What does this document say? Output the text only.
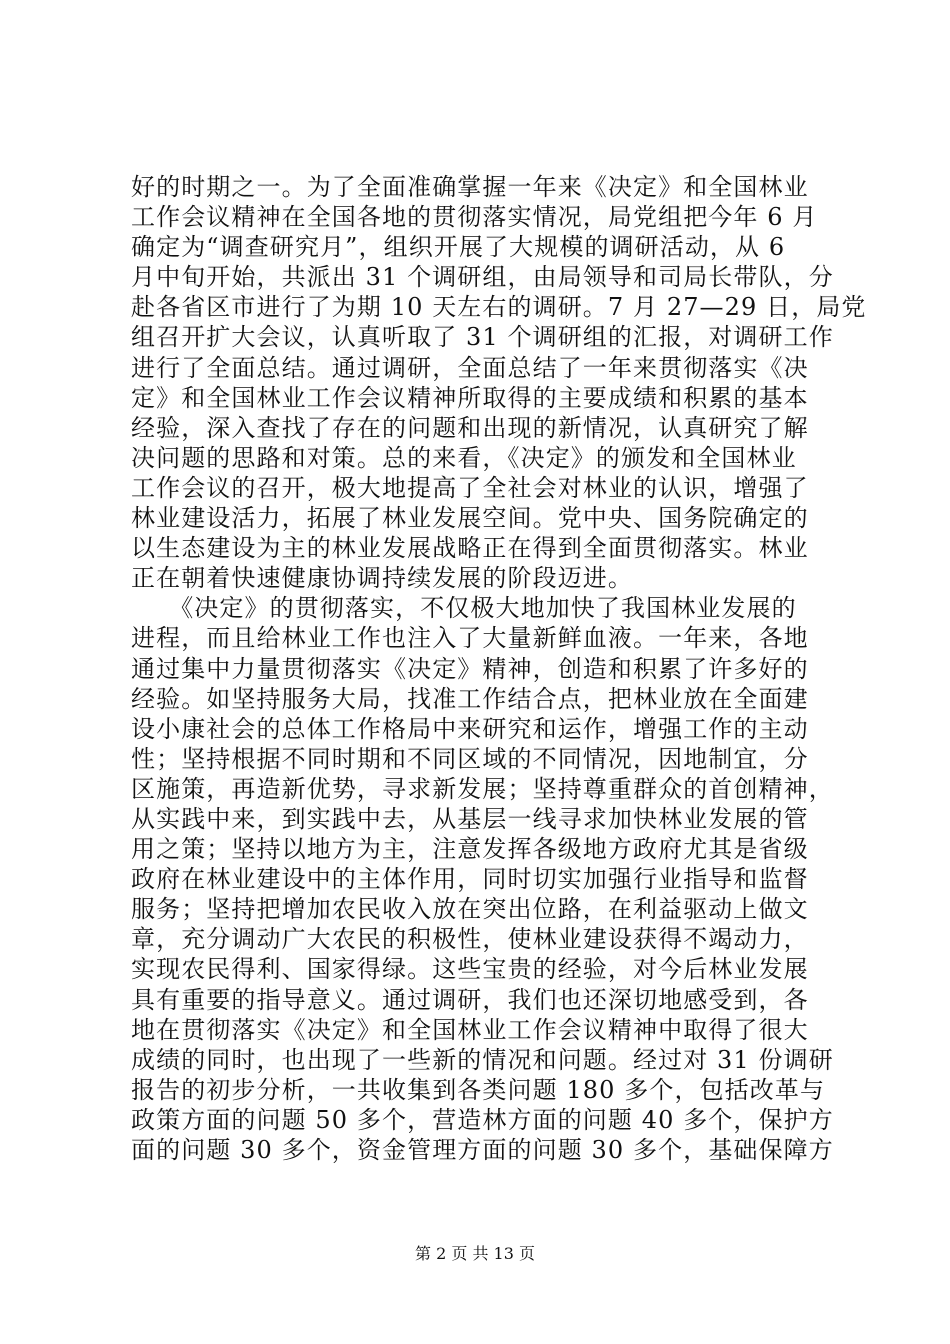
好的时期之一。为了全面准确掌握一年来《决定》和全国林业
工作会议精神在全国各地的贯彻落实情况，局党组把今年 6 月
确定为“调查研究月”，组织开展了大规模的调研活动，从 6
月中旬开始，共派出 31 个调研组，由局领导和司局长带队，分
赴各省区市进行了为期 10 天左右的调研。7 月 27—29 日，局党
组召开扩大会议，认真听取了 31 个调研组的汇报，对调研工作
进行了全面总结。通过调研，全面总结了一年来贯彻落实《决
定》和全国林业工作会议精神所取得的主要成绩和积累的基本
经验，深入查找了存在的问题和出现的新情况，认真研究了解
决问题的思路和对策。总的来看，《决定》的颁发和全国林业
工作会议的召开，极大地提高了全社会对林业的认识，增强了
林业建设活力，拓展了林业发展空间。党中央、国务院确定的
以生态建设为主的林业发展战略正在得到全面贯彻落实。林业
正在朝着快速健康协调持续发展的阶段迈进。
　　《决定》的贯彻落实，不仅极大地加快了我国林业发展的
进程，而且给林业工作也注入了大量新鲜血液。一年来，各地
通过集中力量贯彻落实《决定》精神，创造和积累了许多好的
经验。如坚持服务大局，找准工作结合点，把林业放在全面建
设小康社会的总体工作格局中来研究和运作，增强工作的主动
性；坚持根据不同时期和不同区域的不同情况，因地制宜，分
区施策，再造新优势，寻求新发展；坚持尊重群众的首创精神，
从实践中来，到实践中去，从基层一线寻求加快林业发展的管
用之策；坚持以地方为主，注意发挥各级地方政府尤其是省级
政府在林业建设中的主体作用，同时切实加强行业指导和监督
服务；坚持把增加农民收入放在突出位路，在利益驱动上做文
章，充分调动广大农民的积极性，使林业建设获得不竭动力，
实现农民得利、国家得绿。这些宝贵的经验，对今后林业发展
具有重要的指导意义。通过调研，我们也还深切地感受到，各
地在贯彻落实《决定》和全国林业工作会议精神中取得了很大
成绩的同时，也出现了一些新的情况和问题。经过对 31 份调研
报告的初步分析，一共收集到各类问题 180 多个，包括改革与
政策方面的问题 50 多个，营造林方面的问题 40 多个，保护方
面的问题 30 多个，资金管理方面的问题 30 多个，基础保障方
第 2 页 共 13 页
